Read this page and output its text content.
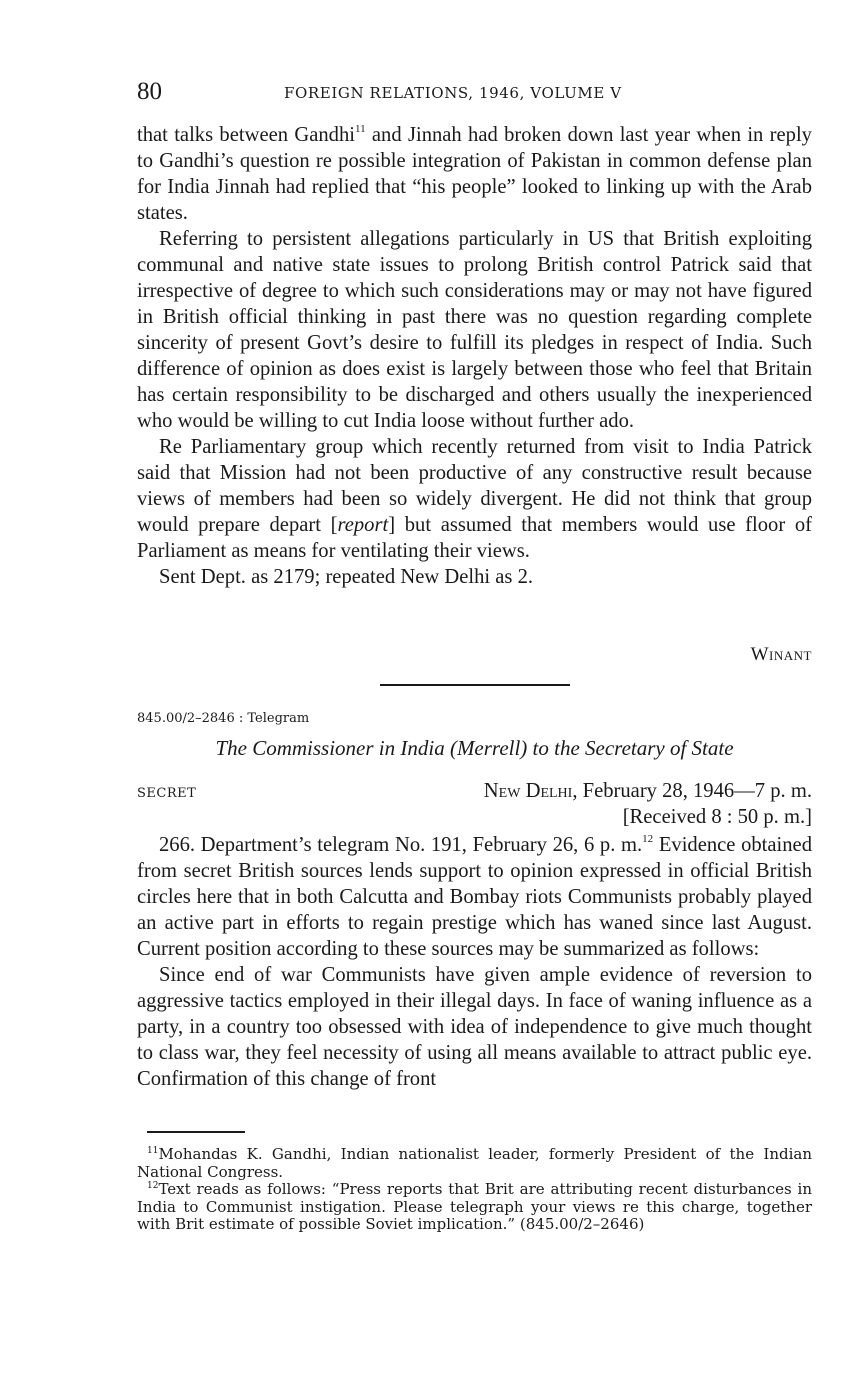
80	FOREIGN RELATIONS, 1946, VOLUME V

that talks between Gandhi$^{11}$ and Jinnah had broken down last year when in reply to Gandhi’s question re possible integration of Pakistan in common defense plan for India Jinnah had replied that “his people” looked to linking up with the Arab states.

Referring to persistent allegations particularly in US that British exploiting communal and native state issues to prolong British control Patrick said that irrespective of degree to which such considerations may or may not have figured in British official thinking in past there was no question regarding complete sincerity of present Govt’s desire to fulfill its pledges in respect of India. Such difference of opinion as does exist is largely between those who feel that Britain has certain responsibility to be discharged and others usually the inexperienced who would be willing to cut India loose without further ado.

Re Parliamentary group which recently returned from visit to India Patrick said that Mission had not been productive of any constructive result because views of members had been so widely divergent. He did not think that group would prepare depart [report] but assumed that members would use floor of Parliament as means for ventilating their views.

Sent Dept. as 2179; repeated New Delhi as 2.

Winant
845.00/2–2846 : Telegram
The Commissioner in India (Merrell) to the Secretary of State
SECRET	New Delhi, February 28, 1946—7 p. m.
[Received 8 : 50 p. m.]

266. Department’s telegram No. 191, February 26, 6 p. m.$^{12}$ Evidence obtained from secret British sources lends support to opinion expressed in official British circles here that in both Calcutta and Bombay riots Communists probably played an active part in efforts to regain prestige which has waned since last August. Current position according to these sources may be summarized as follows:

Since end of war Communists have given ample evidence of reversion to aggressive tactics employed in their illegal days. In face of waning influence as a party, in a country too obsessed with idea of independence to give much thought to class war, they feel necessity of using all means available to attract public eye. Confirmation of this change of front

$^{11}$Mohandas K. Gandhi, Indian nationalist leader, formerly President of the Indian National Congress.

$^{12}$Text reads as follows: “Press reports that Brit are attributing recent disturbances in India to Communist instigation. Please telegraph your views re this charge, together with Brit estimate of possible Soviet implication.” (845.00/2–2646)
